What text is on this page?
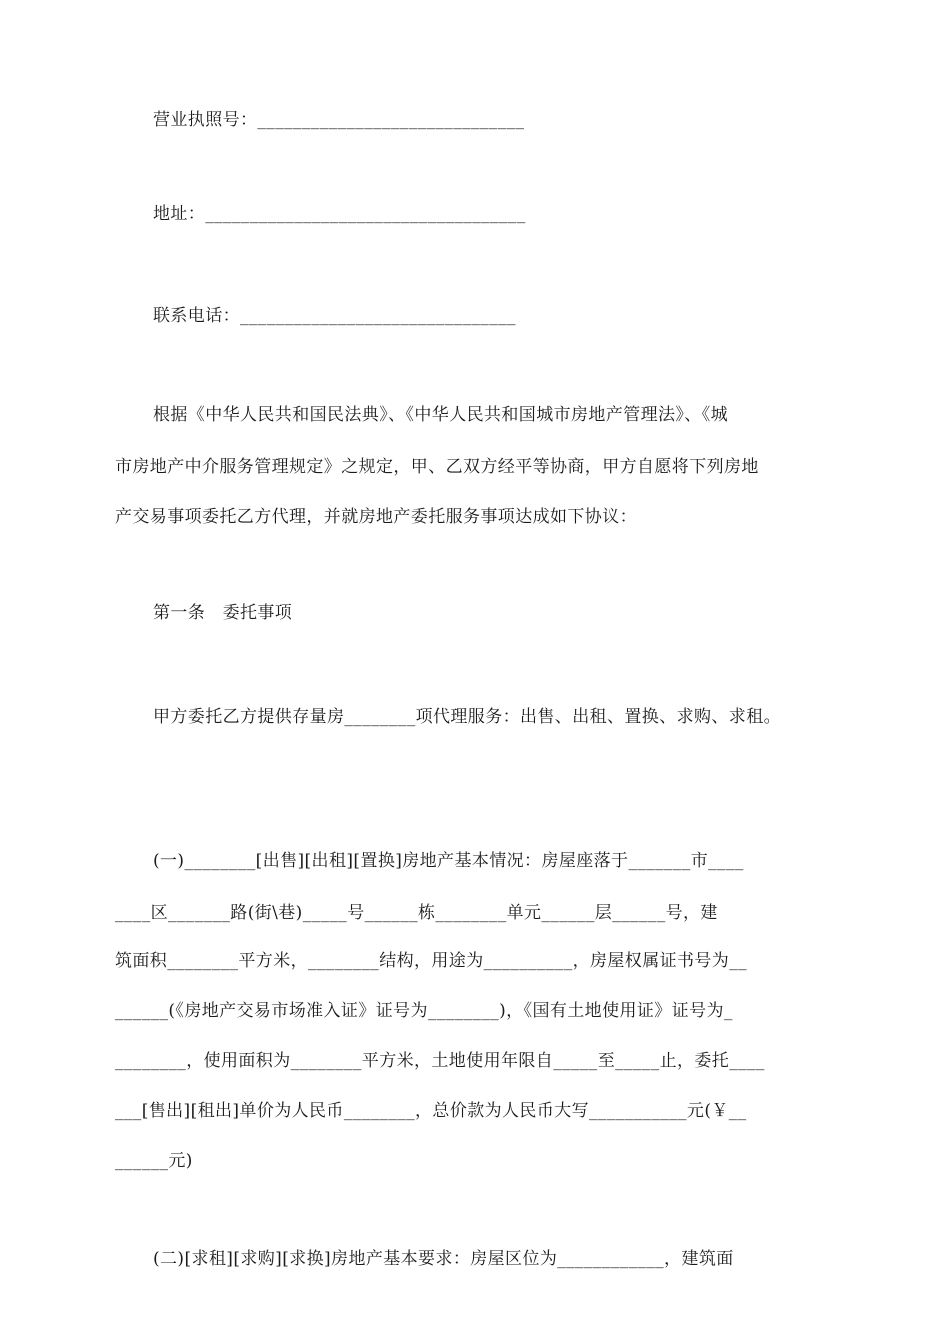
营业执照号：______________________________
地址：____________________________________
联系电话：_______________________________
根据《中华人民共和国民法典》、《中华人民共和国城市房地产管理法》、《城
市房地产中介服务管理规定》之规定，甲、乙双方经平等协商，甲方自愿将下列房地
产交易事项委托乙方代理，并就房地产委托服务事项达成如下协议：
第一条   委托事项
甲方委托乙方提供存量房________项代理服务：出售、出租、置换、求购、求租。
(一)________[出售][出租][置换]房地产基本情况：房屋座落于_______市____
____区_______路(街\巷)_____号______栋________单元______层______号，建
筑面积________平方米，________结构，用途为__________，房屋权属证书号为__
______(《房地产交易市场准入证》证号为________)，《国有土地使用证》证号为_
________，使用面积为________平方米，土地使用年限自_____至_____止，委托____
___[售出][租出]单价为人民币________，总价款为人民币大写___________元(￥__
______元)
(二)[求租][求购][求换]房地产基本要求：房屋区位为____________，建筑面
